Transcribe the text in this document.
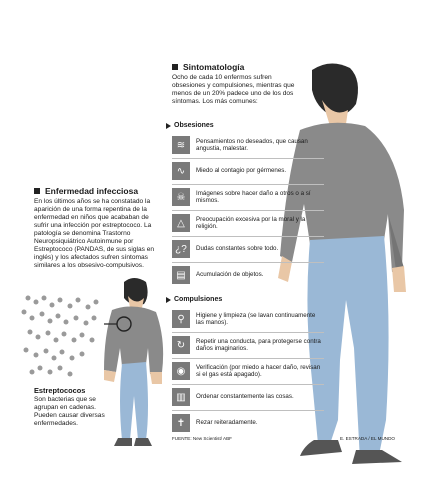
Sintomatología
Ocho de cada 10 enfermos sufren obsesiones y compulsiones, mientras que menos de un 20% padece uno de los dos síntomas. Los más comunes:
Obsesiones
≋	Pensamientos no deseados, que causan angustia, malestar.
∿	Miedo al contagio por gérmenes.
☠	Imágenes sobre hacer daño a otros o a sí mismos.
△	Preocupación excesiva por la moral y la religión.
¿?	Dudas constantes sobre todo.
▤	Acumulación de objetos.
Compulsiones
⚲	Higiene y limpieza (se lavan continuamente las manos).
↻	Repetir una conducta, para protegerse contra daños imaginarios.
◉	Verificación (por miedo a hacer daño, revisan si el gas está apagado).
▥	Ordenar constantemente las cosas.
✝	Rezar reiteradamente.
FUENTE: New Scientist/ ABF	E. ESTRADA / EL MUNDO
Enfermedad infecciosa
En los últimos años se ha constatado la aparición de una forma repentina de la enfermedad en niños que acababan de sufrir una infección por estreptococo. La patología se denomina Trastorno Neuropsiquiátrico Autoinmune por Estreptococo (PANDAS, de sus siglas en inglés) y los afectados sufren síntomas similares a los obsesivo-compulsivos.
Estreptococos
Son bacterias que se agrupan en cadenas. Pueden causar diversas enfermedades.
